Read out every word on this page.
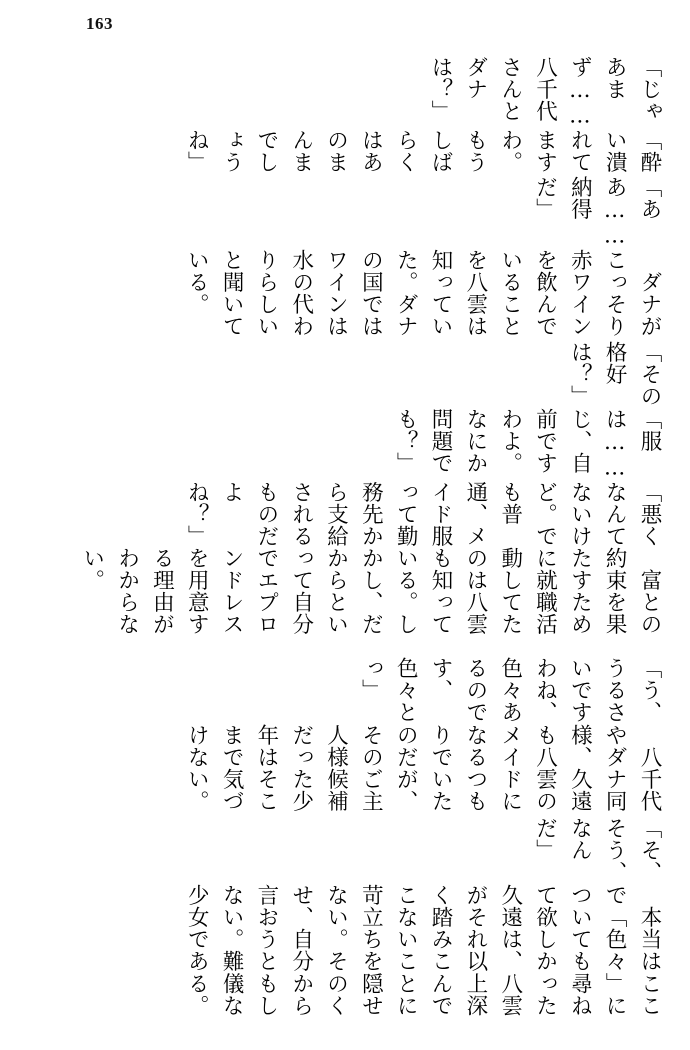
163

「じゃあまず……八千代さんとダナは？」

「酔い潰れてますわ。もうしばらくはあのまんまでしょうね」

「ああ……納得だ」

　ダナがこっそり赤ワインを飲んでいることを八雲は知っていた。ダナの国ではワインは水の代わりらしいと聞いている。

「その格好は？」

「服は……じ、自前ですわよ。なにか問題でも？」

「悪くなんてないけど。でも普通、メイド服って勤務先から支給されるものだよね？」

　富との約束を果たすために就職活動してたのは八雲も知っている。しかし、だからといって自分でエプロンドレスを用意する理由がわからない。

「う、うるさいですわね、色々あるのです、色々とっ」

　八千代やダナ同様、久遠も八雲のメイドになるつもりでいたのだが、そのご主人様候補だった少年はそこまで気づけない。

「そ、そう、なんだ」

　本当はここで「色々」についても尋ねて欲しかった久遠は、八雲がそれ以上深く踏みこんでこないことに苛立ちを隠せない。そのくせ、自分から言おうともしない。難儀な少女である。
